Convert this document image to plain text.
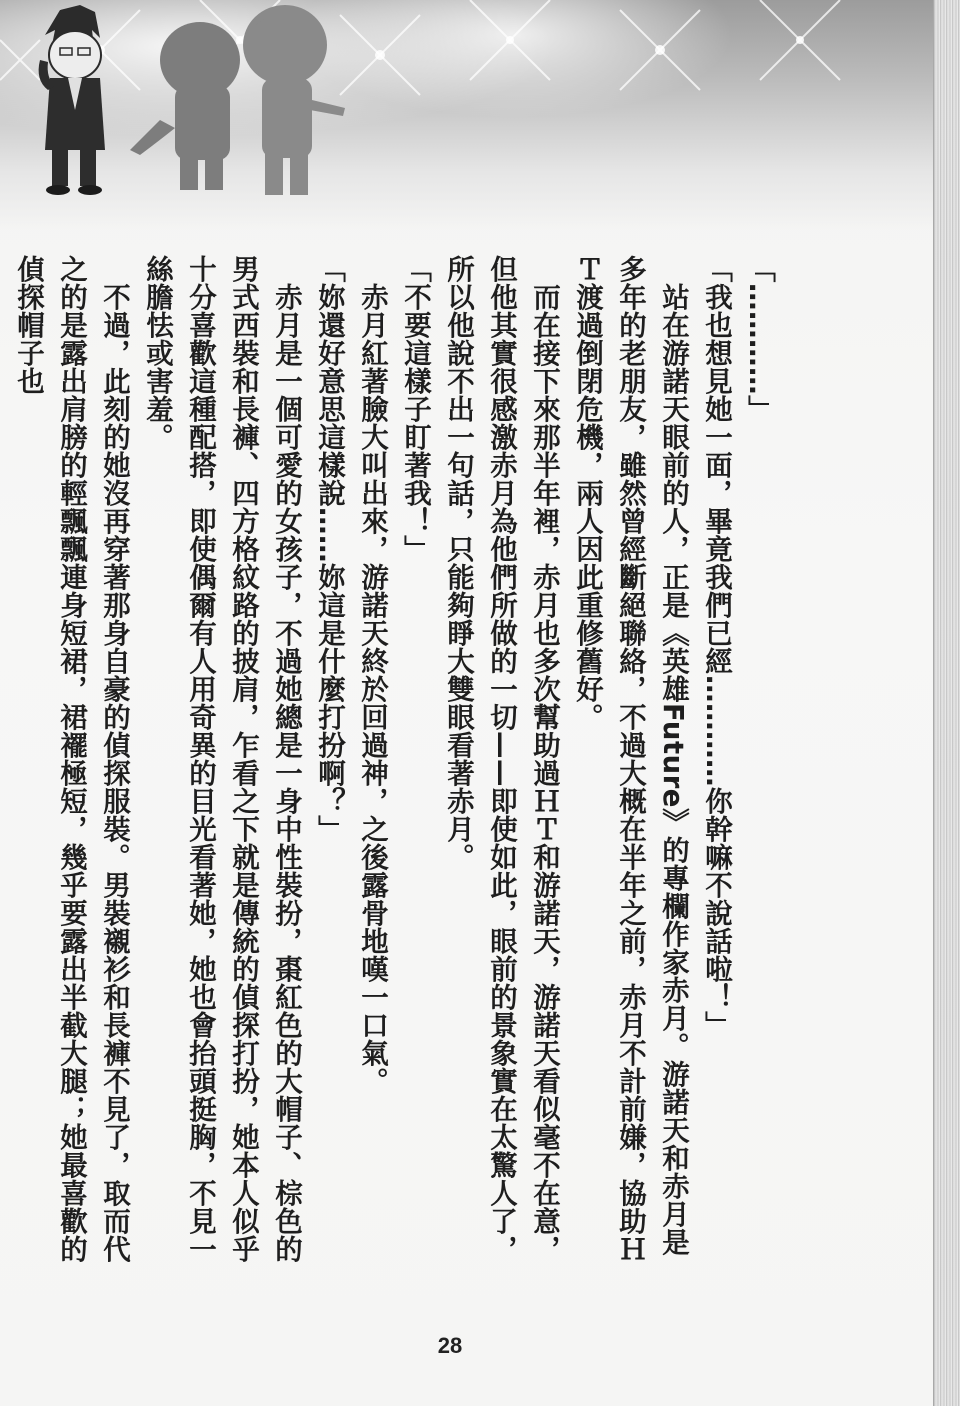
「…………」

「我也想見她一面，畢竟我們已經…………你幹嘛不說話啦！」

站在游諾天眼前的人，正是《英雄Future》的專欄作家赤月。游諾天和赤月是多年的老朋友，雖然曾經斷絕聯絡，不過大概在半年之前，赤月不計前嫌，協助ＨＴ渡過倒閉危機，兩人因此重修舊好。

而在接下來那半年裡，赤月也多次幫助過ＨＴ和游諾天，游諾天看似毫不在意，但他其實很感激赤月為他們所做的一切——即使如此，眼前的景象實在太驚人了，所以他說不出一句話，只能夠睜大雙眼看著赤月。

「不要這樣子盯著我！」

赤月紅著臉大叫出來，游諾天終於回過神，之後露骨地嘆一口氣。

「妳還好意思這樣說……妳這是什麼打扮啊？」

赤月是一個可愛的女孩子，不過她總是一身中性裝扮，棗紅色的大帽子、棕色的男式西裝和長褲、四方格紋路的披肩，乍看之下就是傳統的偵探打扮，她本人似乎十分喜歡這種配搭，即使偶爾有人用奇異的目光看著她，她也會抬頭挺胸，不見一絲膽怯或害羞。

不過，此刻的她沒再穿著那身自豪的偵探服裝。男裝襯衫和長褲不見了，取而代之的是露出肩膀的輕飄飄連身短裙，裙襬極短，幾乎要露出半截大腿；她最喜歡的偵探帽子也

28
